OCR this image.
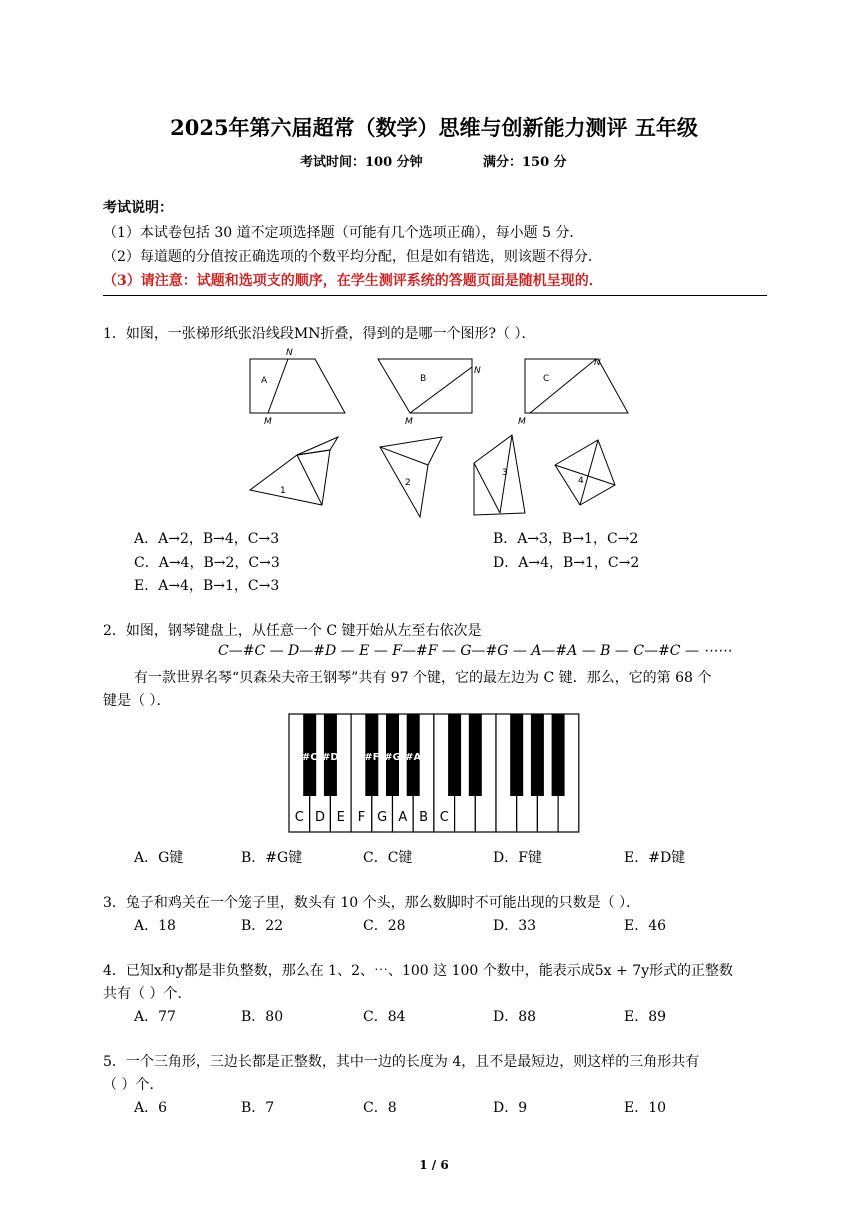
2025年第六届超常（数学）思维与创新能力测评 五年级
考试时间：100 分钟	满分：150 分
考试说明：
（1）本试卷包括 30 道不定项选择题（可能有几个选项正确），每小题 5 分．
（2）每道题的分值按正确选项的个数平均分配，但是如有错选，则该题不得分．
（3）请注意：试题和选项支的顺序，在学生测评系统的答题页面是随机呈现的．
1．如图，一张梯形纸张沿线段MN折叠，得到的是哪一个图形?（ ）．
A	B	C
N
M
N
M
N
M
1
2
3
4
A．A→2，B→4，C→3	B．A→3，B→1，C→2
C．A→4，B→2，C→3	D．A→4，B→1，C→2
E．A→4，B→1，C→3
2．如图，钢琴键盘上，从任意一个 C 键开始从左至右依次是
C—#C — D—#D — E — F—#F — G—#G — A—#A — B — C—#C — ⋯⋯
有一款世界名琴“贝森朵夫帝王钢琴”共有 97 个键，它的最左边为 C 键．那么，它的第 68 个
键是（ ）．
C D E F G A B C
#C #D	#F #G #A
A．G键	B．#G键	C．C键	D．F键	E．#D键
3．兔子和鸡关在一个笼子里，数头有 10 个头，那么数脚时不可能出现的只数是（ ）．
A．18	B．22	C．28	D．33	E．46
4．已知x和y都是非负整数，那么在 1、2、⋯、100 这 100 个数中，能表示成5x + 7y形式的正整数
共有（ ）个．
A．77	B．80	C．84	D．88	E．89
5．一个三角形，三边长都是正整数，其中一边的长度为 4，且不是最短边，则这样的三角形共有
（ ）个．
A．6	B．7	C．8	D．9	E．10
1 / 6
